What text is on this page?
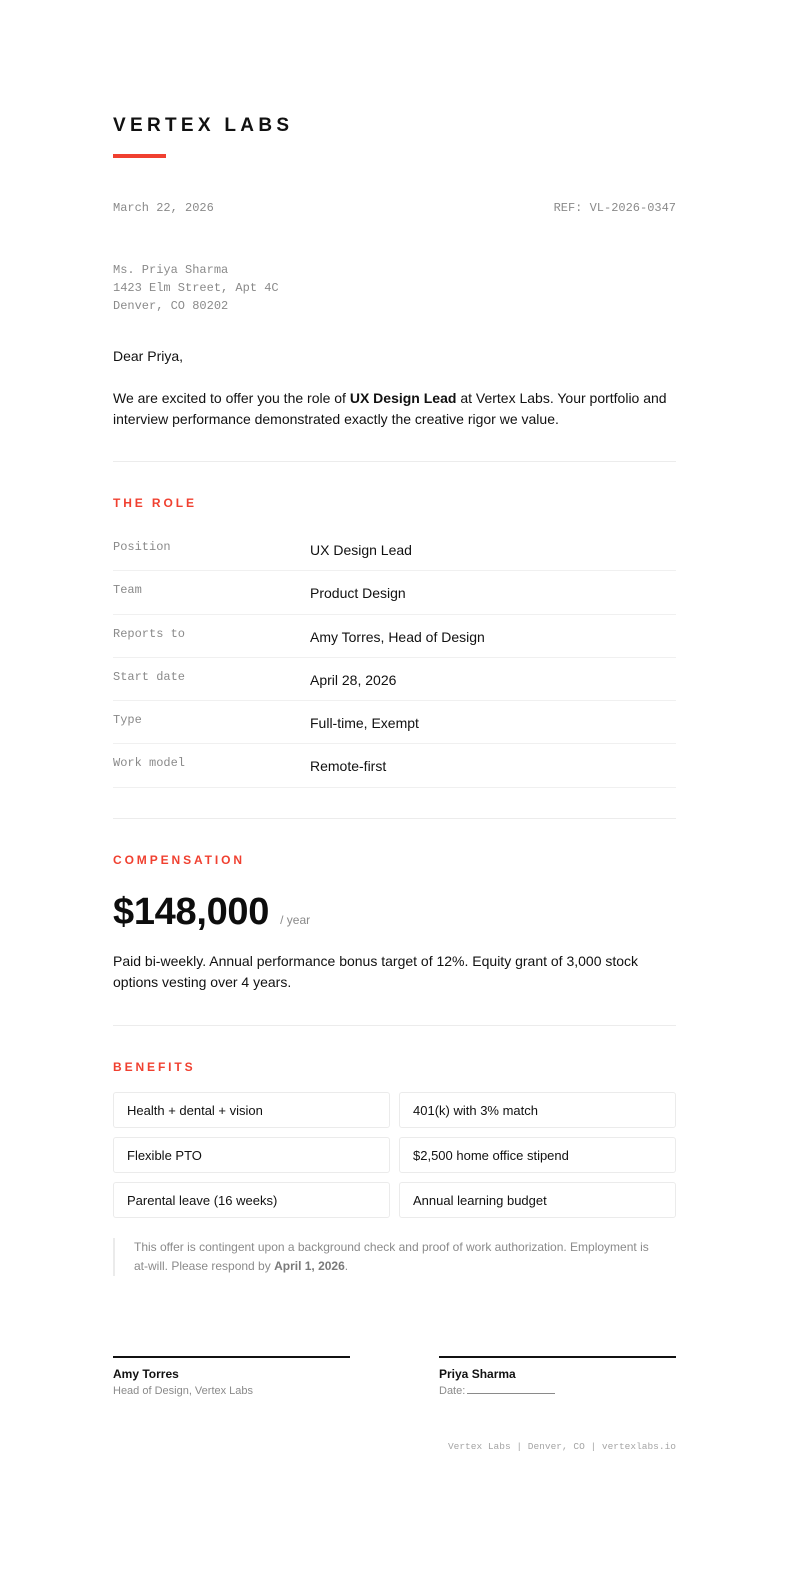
VERTEX LABS
March 22, 2026	REF: VL-2026-0347
Ms. Priya Sharma
1423 Elm Street, Apt 4C
Denver, CO 80202
Dear Priya,

We are excited to offer you the role of UX Design Lead at Vertex Labs. Your portfolio and interview performance demonstrated exactly the creative rigor we value.

THE ROLE
Position	UX Design Lead
Team	Product Design
Reports to	Amy Torres, Head of Design
Start date	April 28, 2026
Type	Full-time, Exempt
Work model	Remote-first
COMPENSATION
$148,000 / year

Paid bi-weekly. Annual performance bonus target of 12%. Equity grant of 3,000 stock options vesting over 4 years.

BENEFITS
Health + dental + vision	401(k) with 3% match
Flexible PTO	$2,500 home office stipend
Parental leave (16 weeks)	Annual learning budget
This offer is contingent upon a background check and proof of work authorization. Employment is at-will. Please respond by April 1, 2026.
Amy Torres
Head of Design, Vertex Labs
Priya Sharma
Date:
Vertex Labs | Denver, CO | vertexlabs.io
